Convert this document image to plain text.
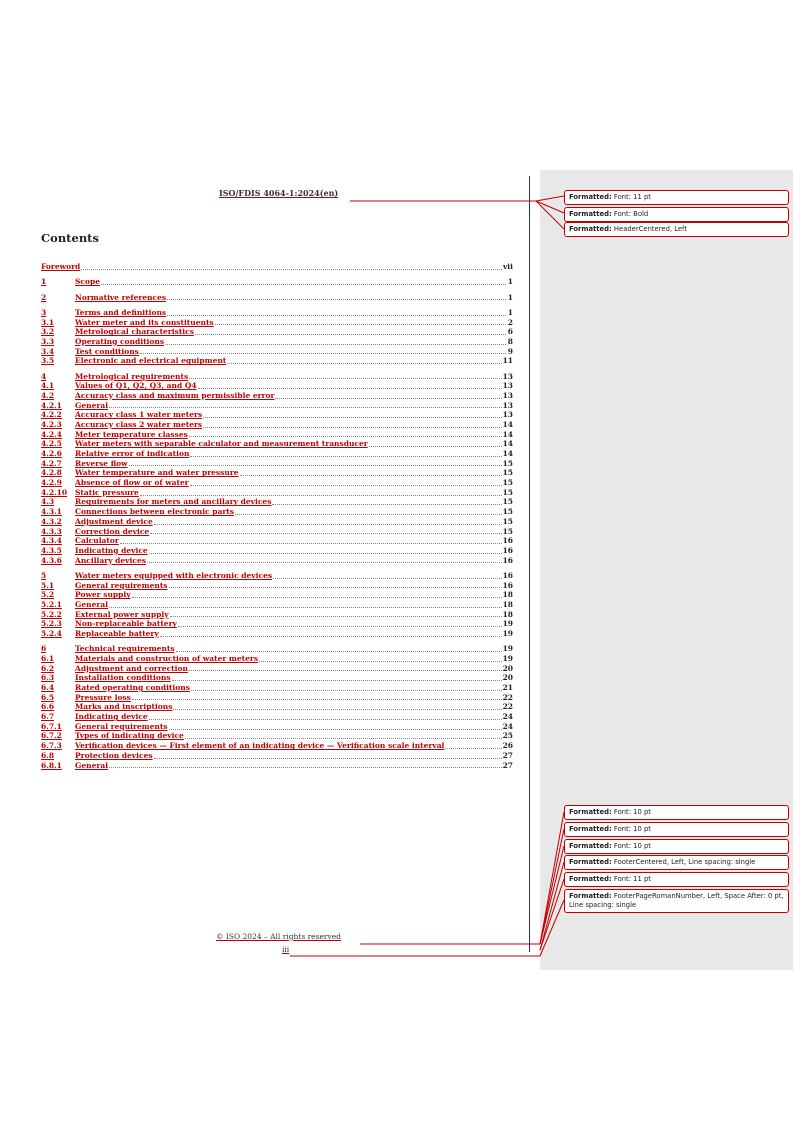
ISO/FDIS 4064-1:2024(en)
Contents
Foreword	vii
1	Scope	1
2	Normative references	1
3	Terms and definitions	1
3.1	Water meter and its constituents	2
3.2	Metrological characteristics	6
3.3	Operating conditions	8
3.4	Test conditions	9
3.5	Electronic and electrical equipment	11
4	Metrological requirements	13
4.1	Values of Q1, Q2, Q3, and Q4	13
4.2	Accuracy class and maximum permissible error	13
4.2.1	General	13
4.2.2	Accuracy class 1 water meters	13
4.2.3	Accuracy class 2 water meters	14
4.2.4	Meter temperature classes	14
4.2.5	Water meters with separable calculator and measurement transducer	14
4.2.6	Relative error of indication	14
4.2.7	Reverse flow	15
4.2.8	Water temperature and water pressure	15
4.2.9	Absence of flow or of water	15
4.2.10	Static pressure	15
4.3	Requirements for meters and ancillary devices	15
4.3.1	Connections between electronic parts	15
4.3.2	Adjustment device	15
4.3.3	Correction device	15
4.3.4	Calculator	16
4.3.5	Indicating device	16
4.3.6	Ancillary devices	16
5	Water meters equipped with electronic devices	16
5.1	General requirements	16
5.2	Power supply	18
5.2.1	General	18
5.2.2	External power supply	18
5.2.3	Non-replaceable battery	19
5.2.4	Replaceable battery	19
6	Technical requirements	19
6.1	Materials and construction of water meters	19
6.2	Adjustment and correction	20
6.3	Installation conditions	20
6.4	Rated operating conditions	21
6.5	Pressure loss	22
6.6	Marks and inscriptions	22
6.7	Indicating device	24
6.7.1	General requirements	24
6.7.2	Types of indicating device	25
6.7.3	Verification devices — First element of an indicating device — Verification scale interval	26
6.8	Protection devices	27
6.8.1	General	27
© ISO 2024 – All rights reserved
iii
Formatted: Font: 11 pt
Formatted: Font: Bold
Formatted: HeaderCentered, Left
Formatted: Font: 10 pt
Formatted: Font: 10 pt
Formatted: Font: 10 pt
Formatted: FooterCentered, Left, Line spacing: single
Formatted: Font: 11 pt
Formatted: FooterPageRomanNumber, Left, Space After: 0 pt, Line spacing: single
